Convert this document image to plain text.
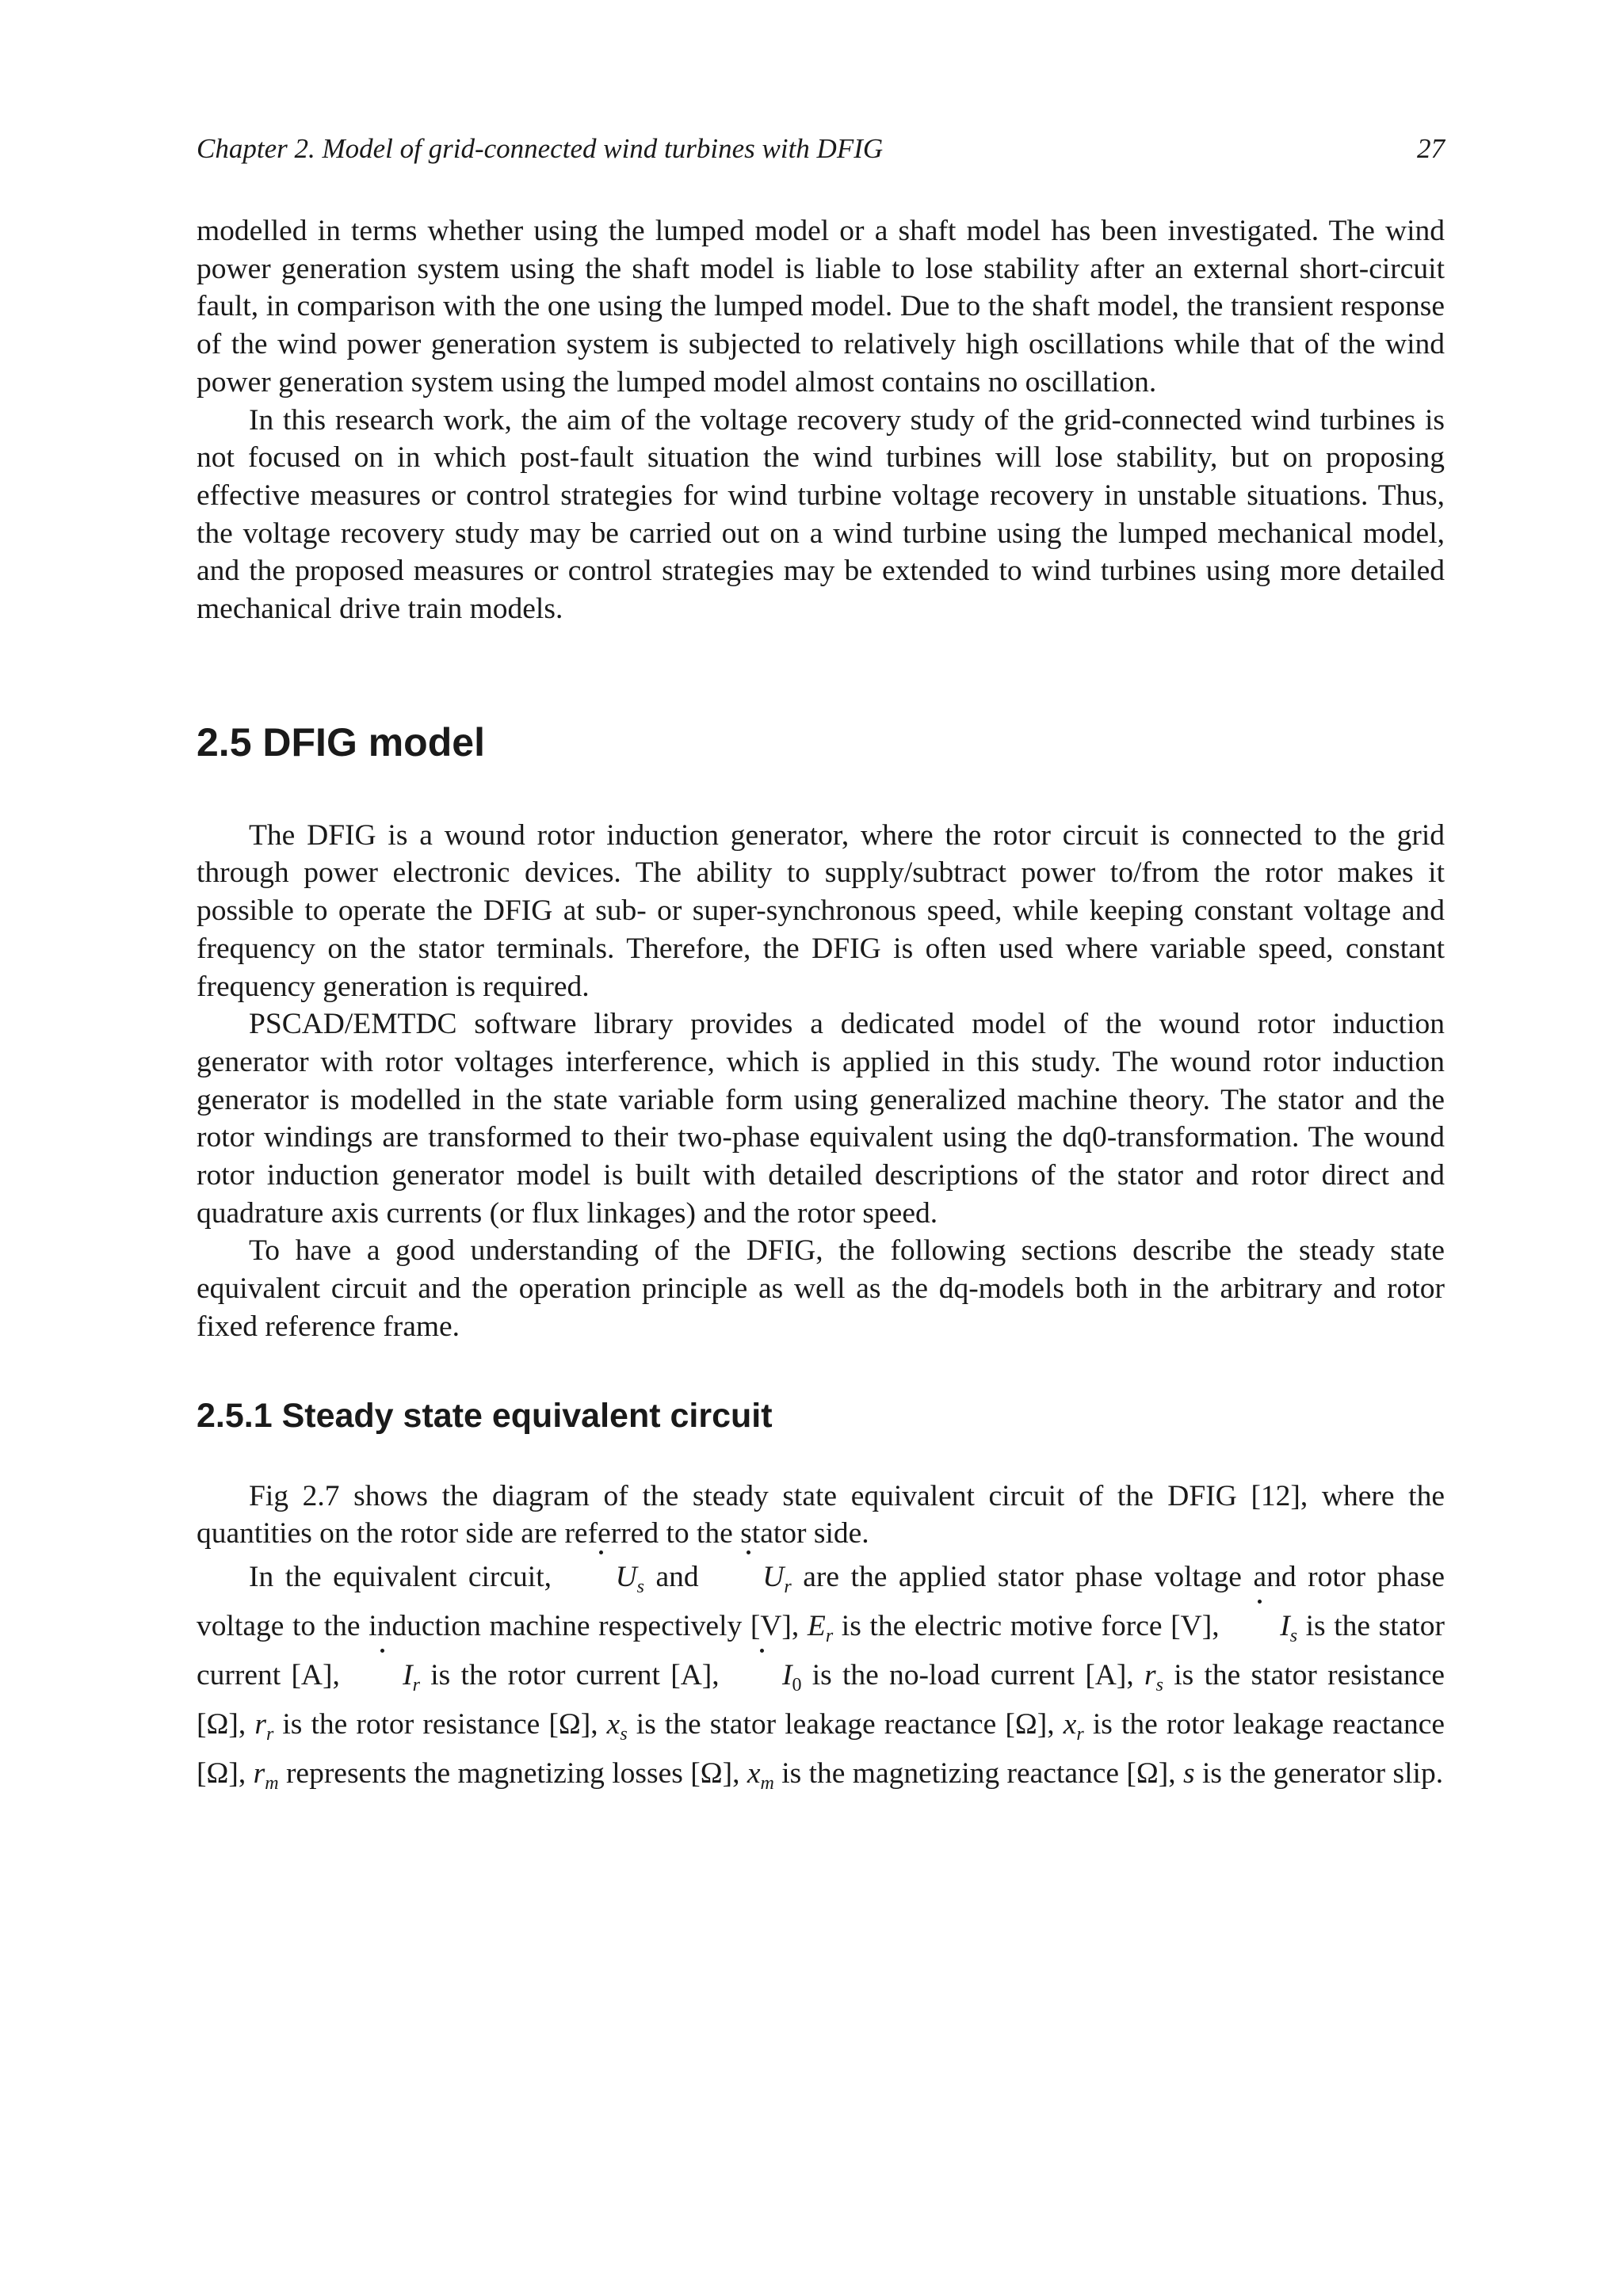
Chapter 2. Model of grid-connected wind turbines with DFIG	27

modelled in terms whether using the lumped model or a shaft model has been investigated. The wind power generation system using the shaft model is liable to lose stability after an external short-circuit fault, in comparison with the one using the lumped model. Due to the shaft model, the transient response of the wind power generation system is subjected to relatively high oscillations while that of the wind power generation system using the lumped model almost contains no oscillation.

In this research work, the aim of the voltage recovery study of the grid-connected wind turbines is not focused on in which post-fault situation the wind turbines will lose stability, but on proposing effective measures or control strategies for wind turbine voltage recovery in unstable situations. Thus, the voltage recovery study may be carried out on a wind turbine using the lumped mechanical model, and the proposed measures or control strategies may be extended to wind turbines using more detailed mechanical drive train models.

2.5 DFIG model

The DFIG is a wound rotor induction generator, where the rotor circuit is connected to the grid through power electronic devices. The ability to supply/subtract power to/from the rotor makes it possible to operate the DFIG at sub- or super-synchronous speed, while keeping constant voltage and frequency on the stator terminals. Therefore, the DFIG is often used where variable speed, constant frequency generation is required.

PSCAD/EMTDC software library provides a dedicated model of the wound rotor induction generator with rotor voltages interference, which is applied in this study. The wound rotor induction generator is modelled in the state variable form using generalized machine theory. The stator and the rotor windings are transformed to their two-phase equivalent using the dq0-transformation. The wound rotor induction generator model is built with detailed descriptions of the stator and rotor direct and quadrature axis currents (or flux linkages) and the rotor speed.

To have a good understanding of the DFIG, the following sections describe the steady state equivalent circuit and the operation principle as well as the dq-models both in the arbitrary and rotor fixed reference frame.

2.5.1 Steady state equivalent circuit

Fig 2.7 shows the diagram of the steady state equivalent circuit of the DFIG [12], where the quantities on the rotor side are referred to the stator side.

In the equivalent circuit, $U_s$ and $U_r$ are the applied stator phase voltage and rotor phase voltage to the induction machine respectively [V], $E_r$ is the electric motive force [V], $I_s$ is the stator current [A], $I_r$ is the rotor current [A], $I_0$ is the no-load current [A], $r_s$ is the stator resistance [Ω], $r_r$ is the rotor resistance [Ω], $x_s$ is the stator leakage reactance [Ω], $x_r$ is the rotor leakage reactance [Ω], $r_m$ represents the magnetizing losses [Ω], $x_m$ is the magnetizing reactance [Ω], s is the generator slip.
